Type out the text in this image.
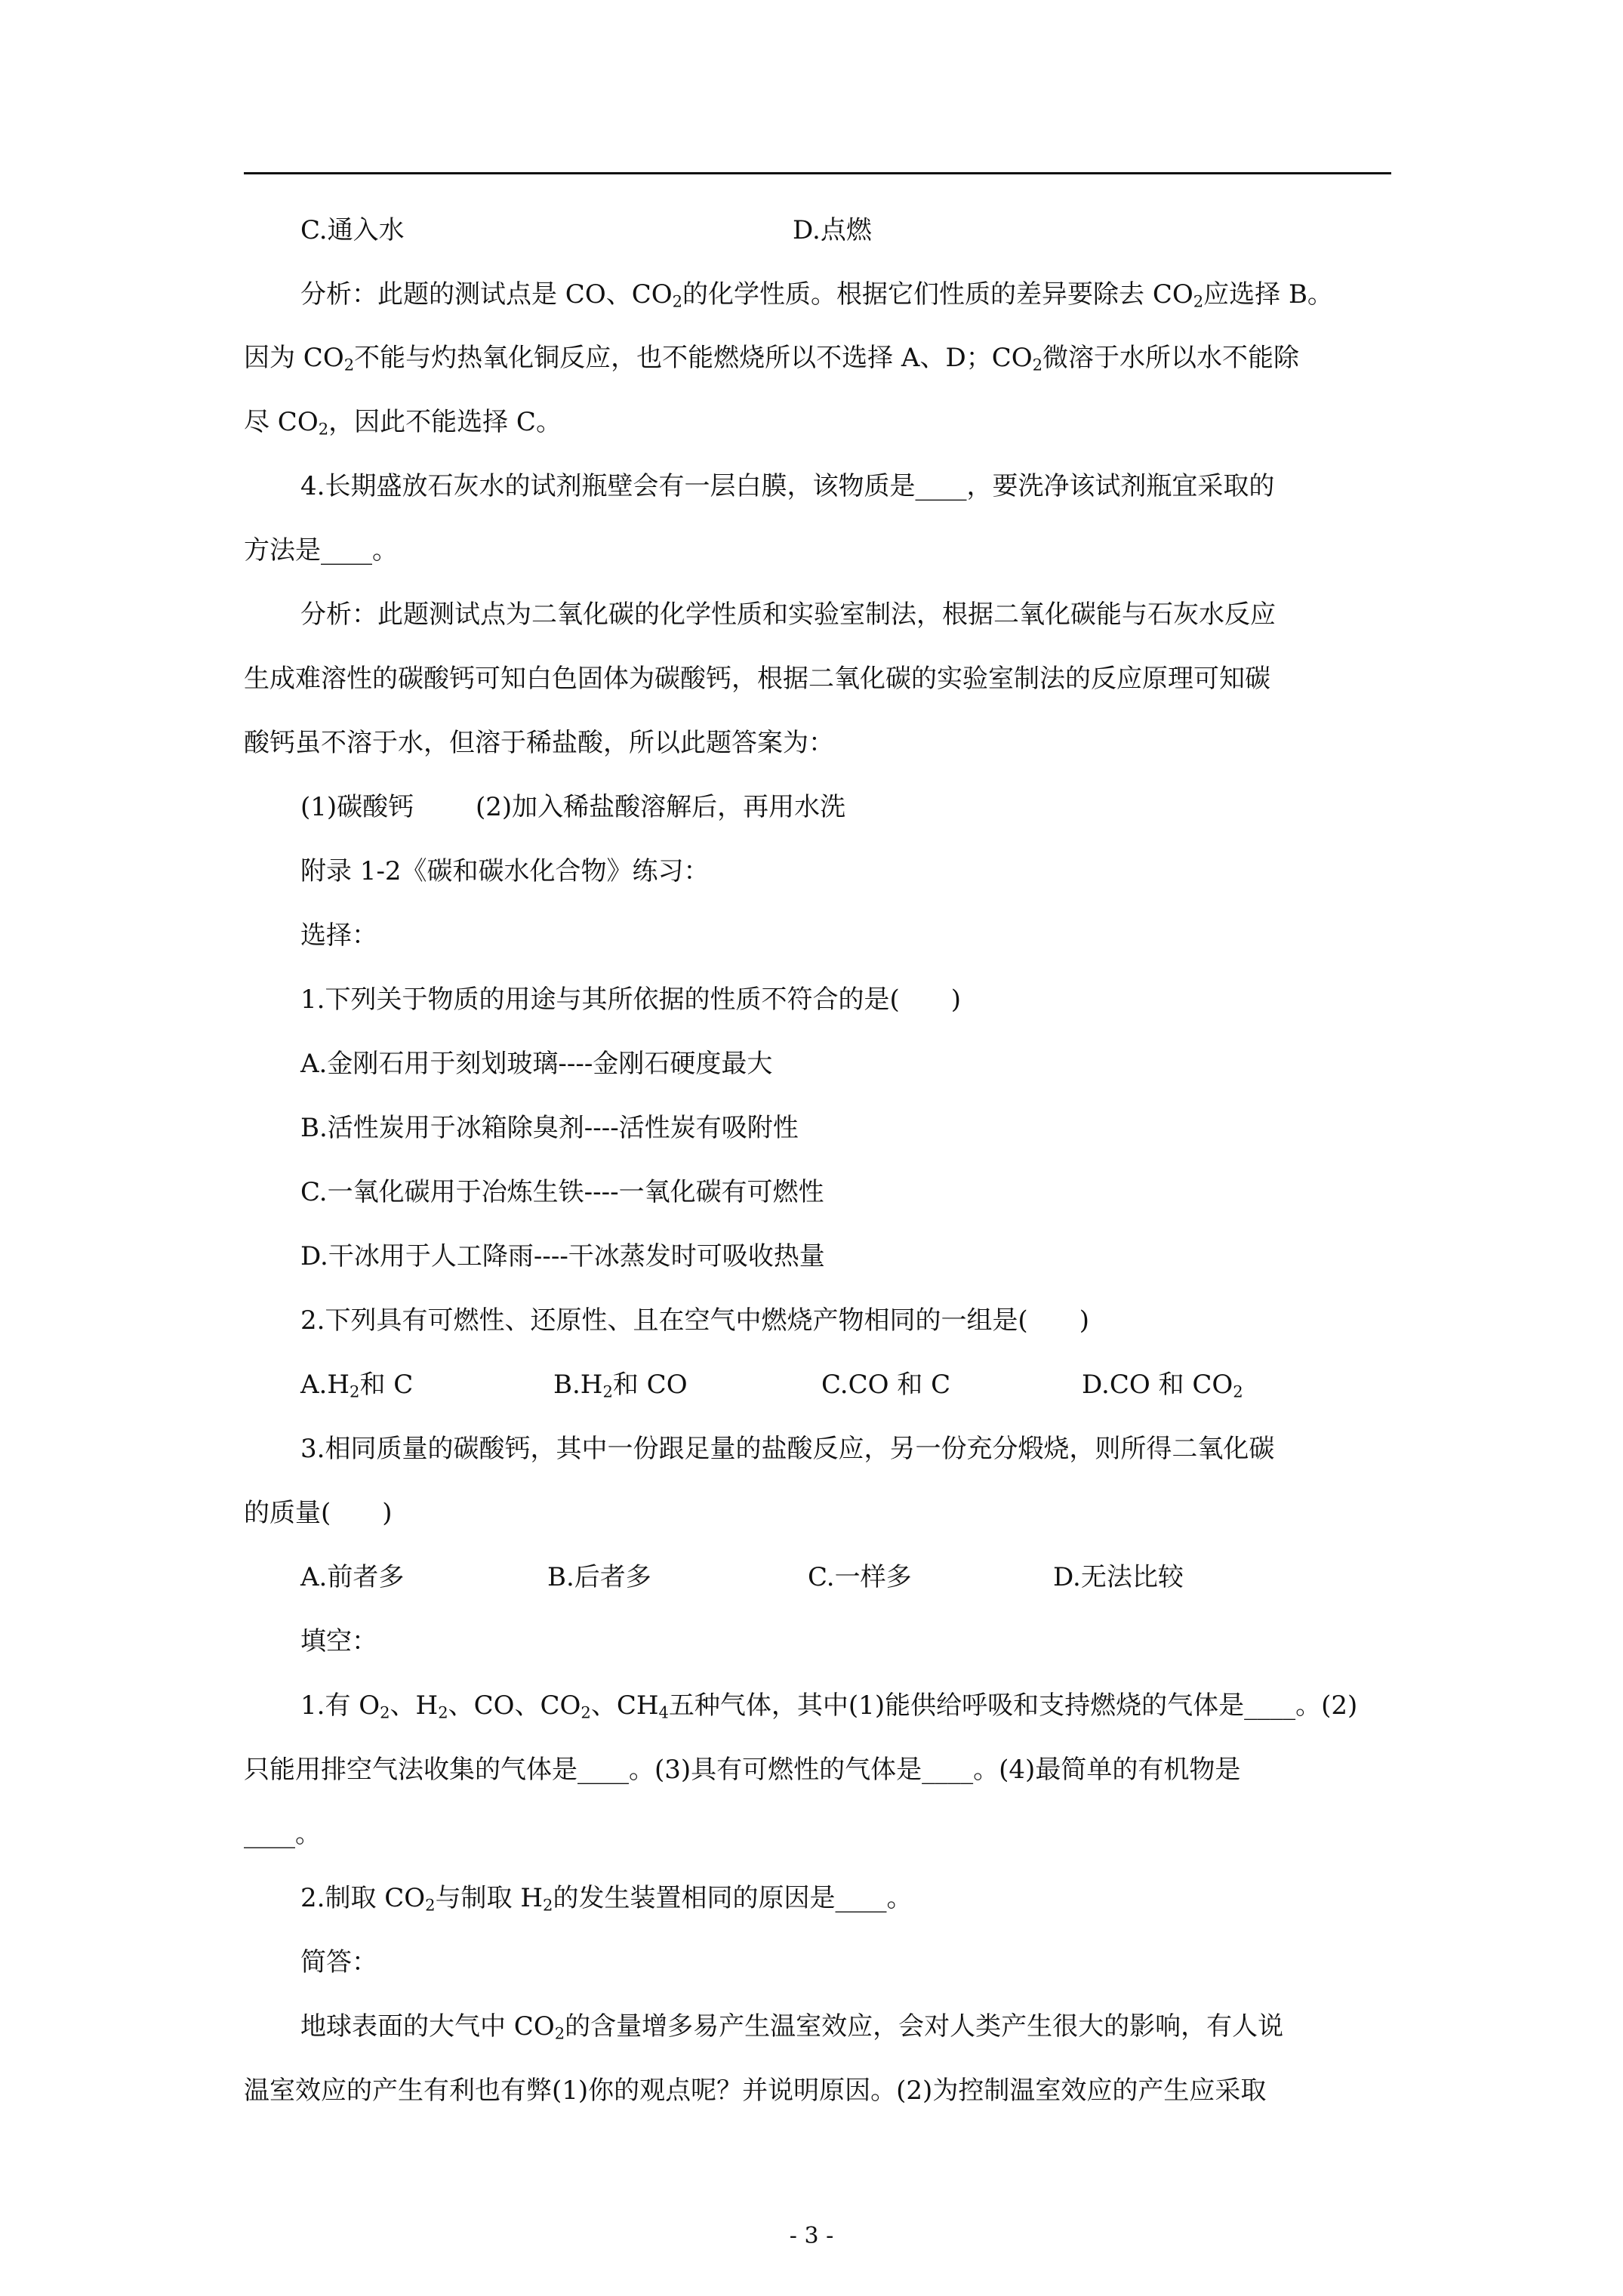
C.通入水	D.点燃
分析：此题的测试点是 CO、$CO_2$的化学性质。根据它们性质的差异要除去 $CO_2$应选择 B。
因为 $CO_2$不能与灼热氧化铜反应，也不能燃烧所以不选择 A、D；$CO_2$微溶于水所以水不能除
尽 $CO_2$，因此不能选择 C。
4.长期盛放石灰水的试剂瓶壁会有一层白膜，该物质是____，要洗净该试剂瓶宜采取的
方法是____。
分析：此题测试点为二氧化碳的化学性质和实验室制法，根据二氧化碳能与石灰水反应
生成难溶性的碳酸钙可知白色固体为碳酸钙，根据二氧化碳的实验室制法的反应原理可知碳
酸钙虽不溶于水，但溶于稀盐酸，所以此题答案为：
(1)碳酸钙 (2)加入稀盐酸溶解后，再用水洗
附录 1-2《碳和碳水化合物》练习：
选择：
1.下列关于物质的用途与其所依据的性质不符合的是(　　)
A.金刚石用于刻划玻璃----金刚石硬度最大
B.活性炭用于冰箱除臭剂----活性炭有吸附性
C.一氧化碳用于冶炼生铁----一氧化碳有可燃性
D.干冰用于人工降雨----干冰蒸发时可吸收热量
2.下列具有可燃性、还原性、且在空气中燃烧产物相同的一组是(　　)
$A.H_2$和 C	$B.H_2$和 CO	C.CO 和 C	D.CO 和 $CO_2$
3.相同质量的碳酸钙，其中一份跟足量的盐酸反应，另一份充分煅烧，则所得二氧化碳
的质量(　　)
A.前者多	B.后者多	C.一样多	D.无法比较
填空：
1.有 $O_2$、$H_2$、CO、$CO_2$、$CH_4$五种气体，其中(1)能供给呼吸和支持燃烧的气体是____。(2)
只能用排空气法收集的气体是____。(3)具有可燃性的气体是____。(4)最简单的有机物是
____。
2.制取 $CO_2$与制取 $H_2$的发生装置相同的原因是____。
简答：
地球表面的大气中 $CO_2$的含量增多易产生温室效应，会对人类产生很大的影响，有人说
温室效应的产生有利也有弊(1)你的观点呢？并说明原因。(2)为控制温室效应的产生应采取
- 3 -
